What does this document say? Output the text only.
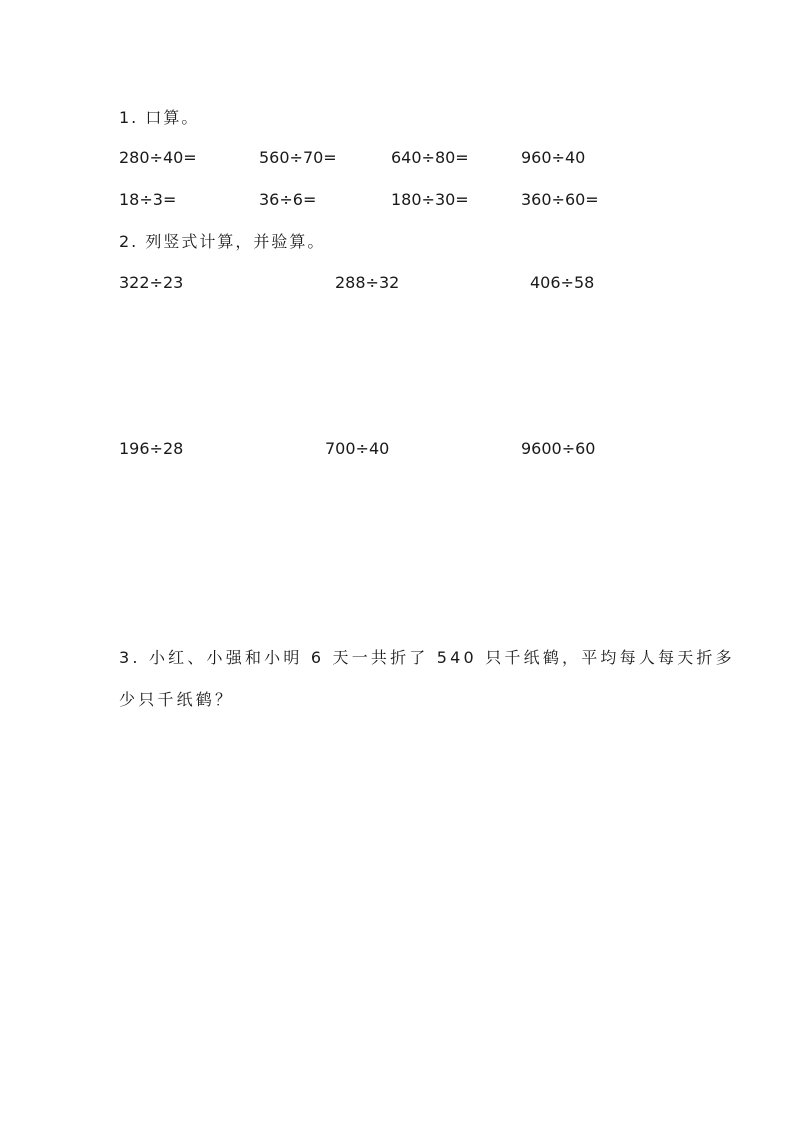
1. 口算。
280÷40=	560÷70=	640÷80=	960÷40
18÷3=	36÷6=	180÷30=	360÷60=
2. 列竖式计算，并验算。
322÷23	288÷32	406÷58
196÷28	700÷40	9600÷60
3. 小红、小强和小明 6 天一共折了 540 只千纸鹤，平均每人每天折多
少只千纸鹤？
